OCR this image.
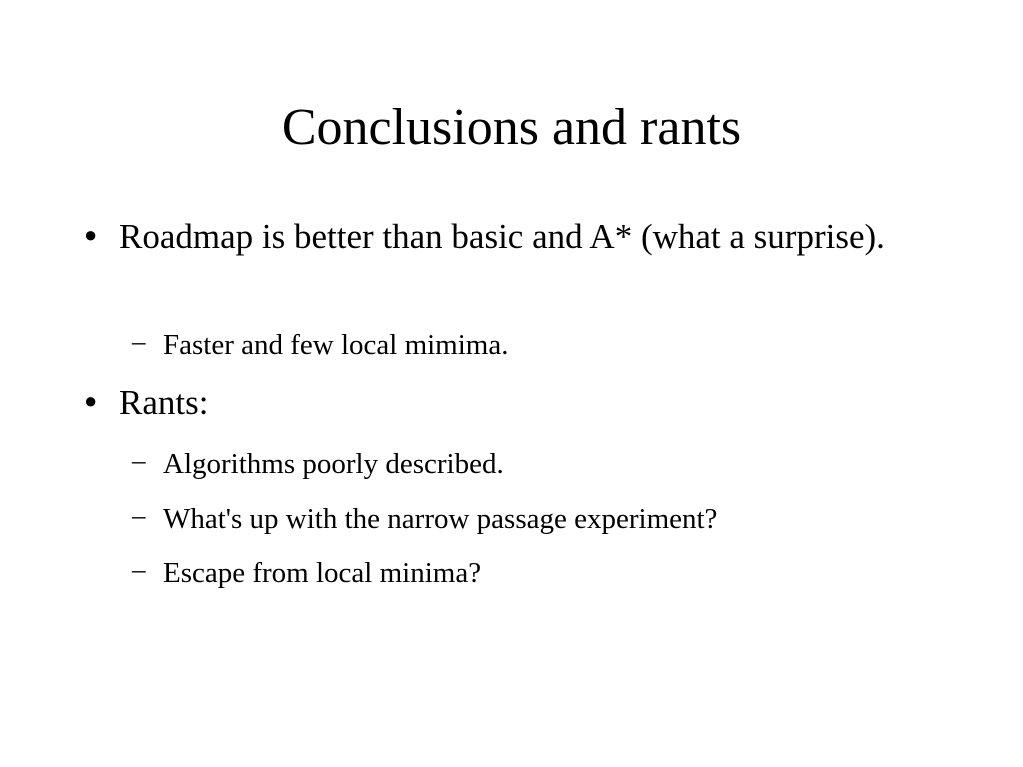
Conclusions and rants
● Roadmap is better than basic and A* (what a surprise).
– Faster and few local mimima.
● Rants:
– Algorithms poorly described.
– What's up with the narrow passage experiment?
– Escape from local minima?
